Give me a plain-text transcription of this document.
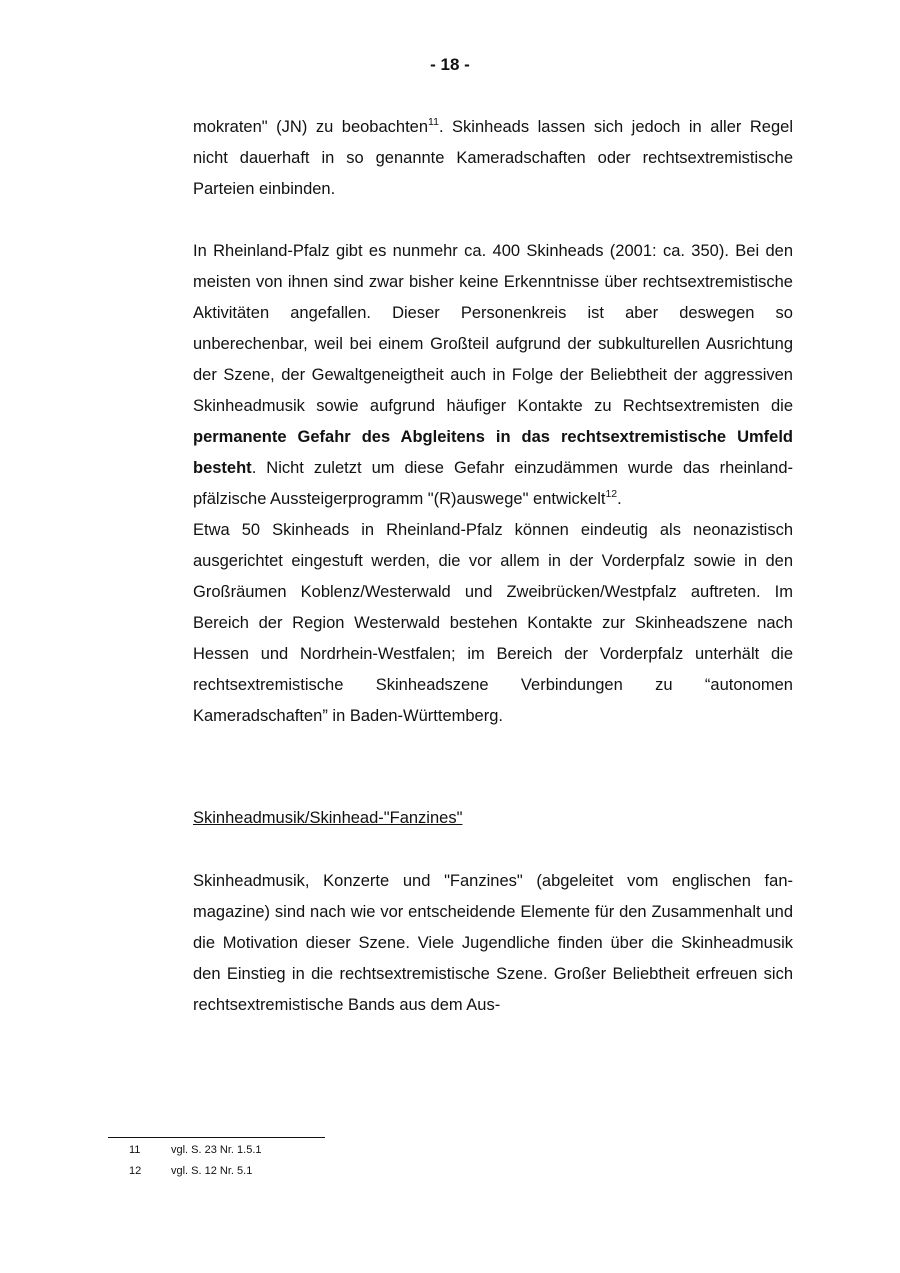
- 18 -

mokraten" (JN) zu beobachten$^{11}$. Skinheads lassen sich jedoch in aller Regel nicht dauerhaft in so genannte Kameradschaften oder rechtsextremistische Parteien einbinden.

In Rheinland-Pfalz gibt es nunmehr ca. 400 Skinheads (2001: ca. 350). Bei den meisten von ihnen sind zwar bisher keine Erkenntnisse über rechtsextremistische Aktivitäten angefallen. Dieser Personenkreis ist aber deswegen so unberechenbar, weil bei einem Großteil aufgrund der subkulturellen Ausrichtung der Szene, der Gewaltgeneigtheit auch in Folge der Beliebtheit der aggressiven Skinheadmusik sowie aufgrund häufiger Kontakte zu Rechtsextremisten die permanente Gefahr des Abgleitens in das rechtsextremistische Umfeld besteht. Nicht zuletzt um diese Gefahr einzudämmen wurde das rheinland-pfälzische Aussteigerprogramm "(R)auswege" entwickelt$^{12}$.

Etwa 50 Skinheads in Rheinland-Pfalz können eindeutig als neonazistisch ausgerichtet eingestuft werden, die vor allem in der Vorderpfalz sowie in den Großräumen Koblenz/Westerwald und Zweibrücken/Westpfalz auftreten. Im Bereich der Region Westerwald bestehen Kontakte zur Skinheadszene nach Hessen und Nordrhein-Westfalen; im Bereich der Vorderpfalz unterhält die rechtsextremistische Skinheadszene Verbindungen zu “autonomen Kameradschaften” in Baden-Württemberg.

Skinheadmusik/Skinhead-"Fanzines"

Skinheadmusik, Konzerte und "Fanzines" (abgeleitet vom englischen fanmagazine) sind nach wie vor entscheidende Elemente für den Zusammenhalt und die Motivation dieser Szene. Viele Jugendliche finden über die Skinheadmusik den Einstieg in die rechtsextremistische Szene. Großer Beliebtheit erfreuen sich rechtsextremistische Bands aus dem Aus-

11	vgl. S. 23 Nr. 1.5.1
12	vgl. S. 12 Nr. 5.1
